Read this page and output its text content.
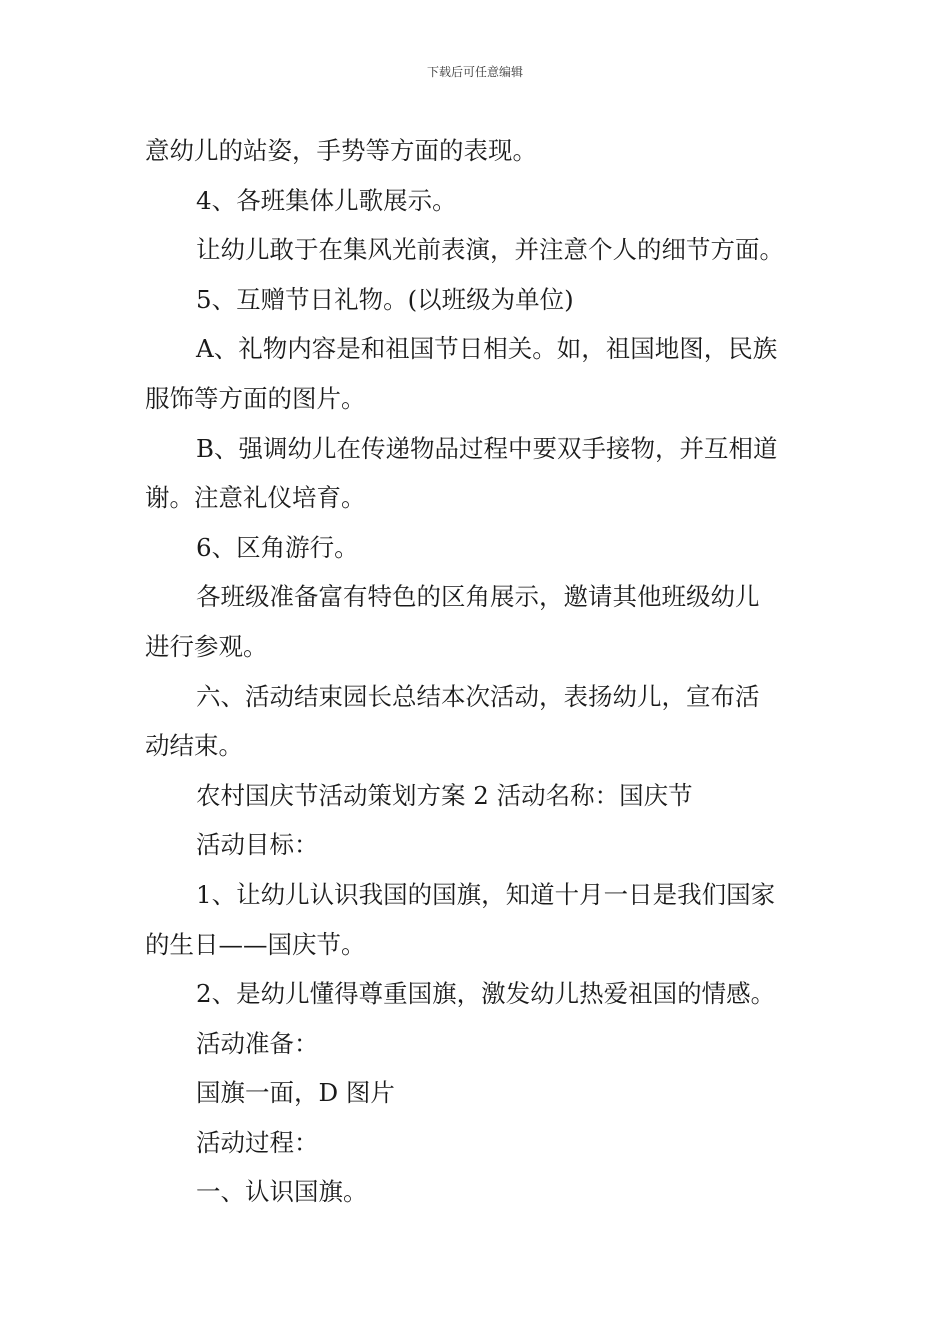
下载后可任意编辑

意幼儿的站姿，手势等方面的表现。

4、各班集体儿歌展示。

让幼儿敢于在集风光前表演，并注意个人的细节方面。

5、互赠节日礼物。(以班级为单位)

A、礼物内容是和祖国节日相关。如，祖国地图，民族

服饰等方面的图片。

B、强调幼儿在传递物品过程中要双手接物，并互相道

谢。注意礼仪培育。

6、区角游行。

各班级准备富有特色的区角展示，邀请其他班级幼儿

进行参观。

六、活动结束园长总结本次活动，表扬幼儿，宣布活

动结束。

农村国庆节活动策划方案 2 活动名称：国庆节

活动目标：

1、让幼儿认识我国的国旗，知道十月一日是我们国家

的生日——国庆节。

2、是幼儿懂得尊重国旗，激发幼儿热爱祖国的情感。

活动准备：

国旗一面，D 图片

活动过程：

一、认识国旗。
